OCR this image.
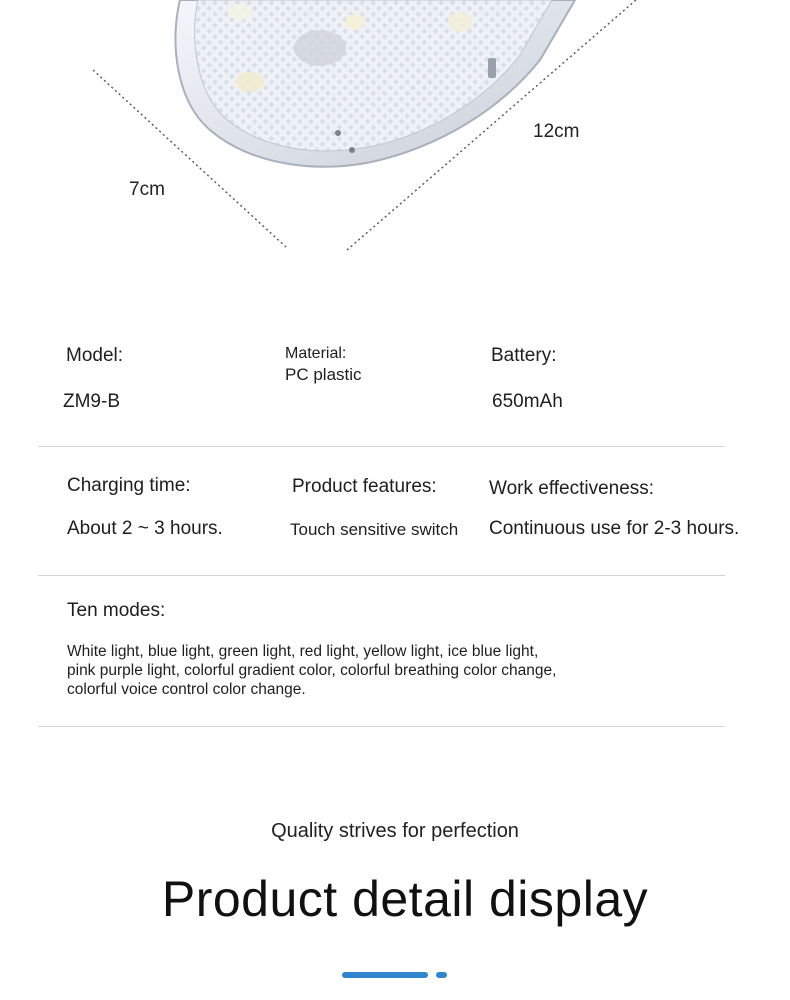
7cm
12cm
Model:
ZM9-B
Material:
PC plastic
Battery:
650mAh
Charging time:
About 2 ~ 3 hours.
Product features:
Touch sensitive switch
Work effectiveness:
Continuous use for 2-3 hours.
Ten modes:
White light, blue light, green light, red light, yellow light, ice blue light, pink purple light, colorful gradient color, colorful breathing color change, colorful voice control color change.
Quality strives for perfection
Product detail display
